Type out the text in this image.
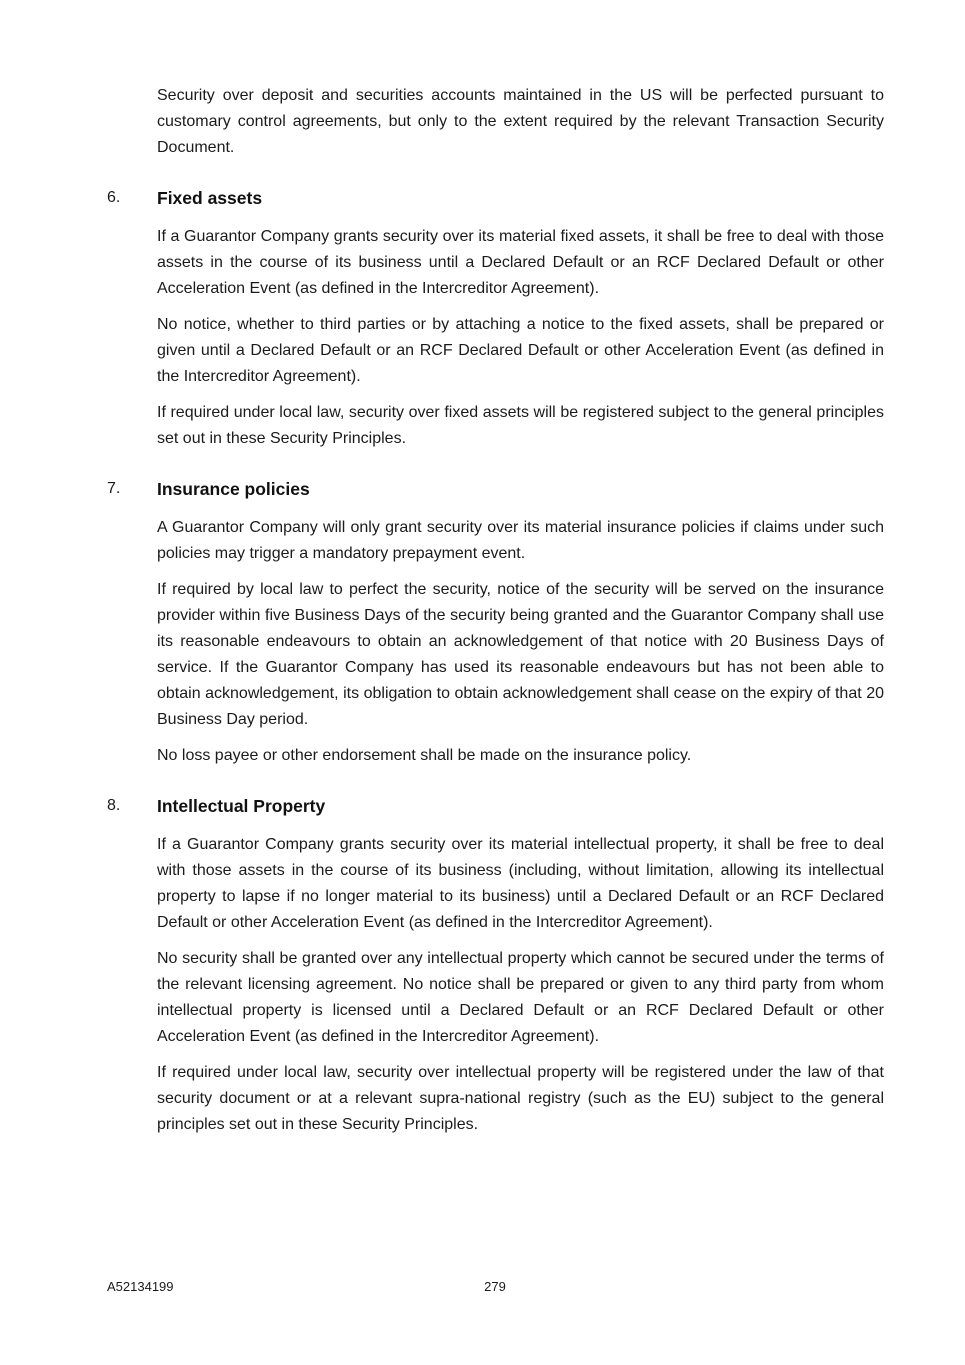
Security over deposit and securities accounts maintained in the US will be perfected pursuant to customary control agreements, but only to the extent required by the relevant Transaction Security Document.

6. Fixed assets

If a Guarantor Company grants security over its material fixed assets, it shall be free to deal with those assets in the course of its business until a Declared Default or an RCF Declared Default or other Acceleration Event (as defined in the Intercreditor Agreement).

No notice, whether to third parties or by attaching a notice to the fixed assets, shall be prepared or given until a Declared Default or an RCF Declared Default or other Acceleration Event (as defined in the Intercreditor Agreement).

If required under local law, security over fixed assets will be registered subject to the general principles set out in these Security Principles.

7. Insurance policies

A Guarantor Company will only grant security over its material insurance policies if claims under such policies may trigger a mandatory prepayment event.

If required by local law to perfect the security, notice of the security will be served on the insurance provider within five Business Days of the security being granted and the Guarantor Company shall use its reasonable endeavours to obtain an acknowledgement of that notice with 20 Business Days of service. If the Guarantor Company has used its reasonable endeavours but has not been able to obtain acknowledgement, its obligation to obtain acknowledgement shall cease on the expiry of that 20 Business Day period.

No loss payee or other endorsement shall be made on the insurance policy.

8. Intellectual Property

If a Guarantor Company grants security over its material intellectual property, it shall be free to deal with those assets in the course of its business (including, without limitation, allowing its intellectual property to lapse if no longer material to its business) until a Declared Default or an RCF Declared Default or other Acceleration Event (as defined in the Intercreditor Agreement).

No security shall be granted over any intellectual property which cannot be secured under the terms of the relevant licensing agreement. No notice shall be prepared or given to any third party from whom intellectual property is licensed until a Declared Default or an RCF Declared Default or other Acceleration Event (as defined in the Intercreditor Agreement).

If required under local law, security over intellectual property will be registered under the law of that security document or at a relevant supra-national registry (such as the EU) subject to the general principles set out in these Security Principles.

A52134199	279
